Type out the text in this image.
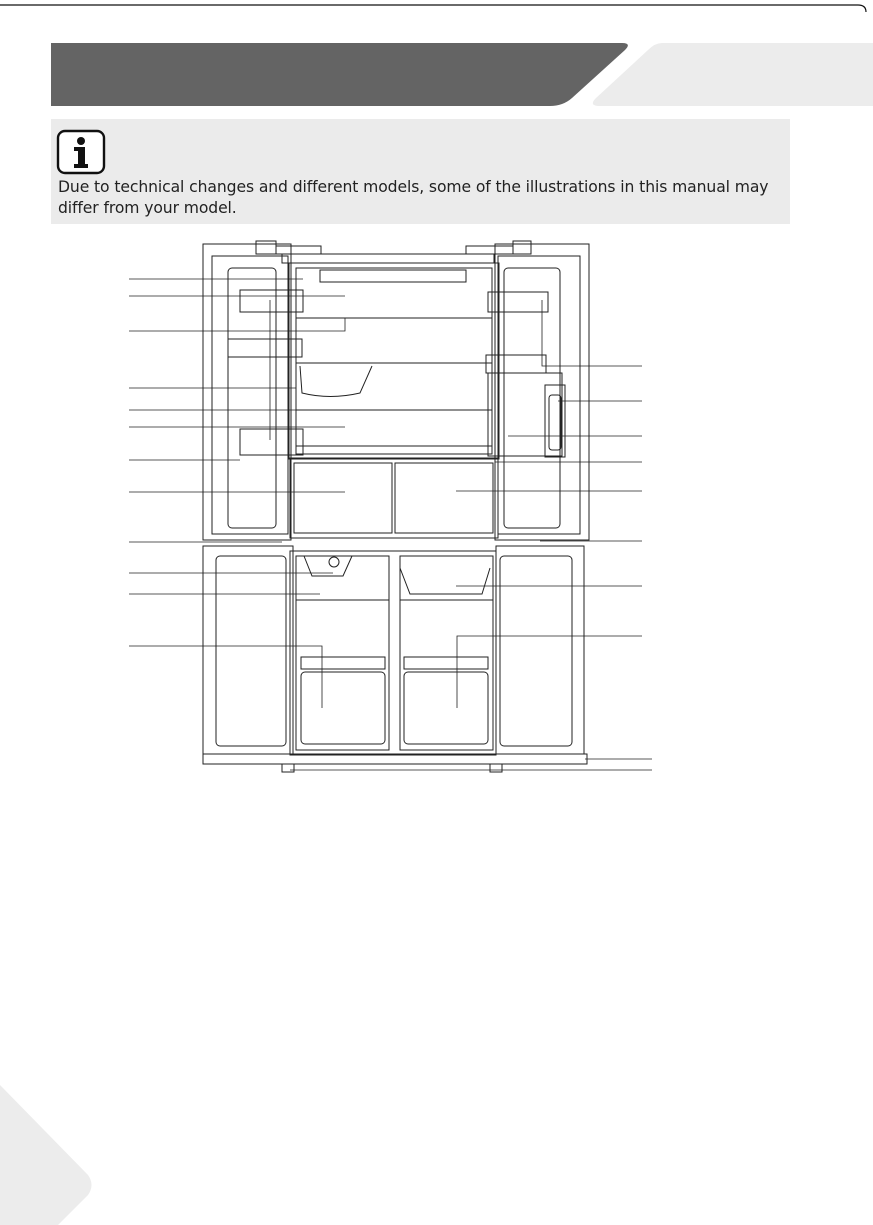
Due to technical changes and different models, some of the illustrations in this manual may differ from your model.
